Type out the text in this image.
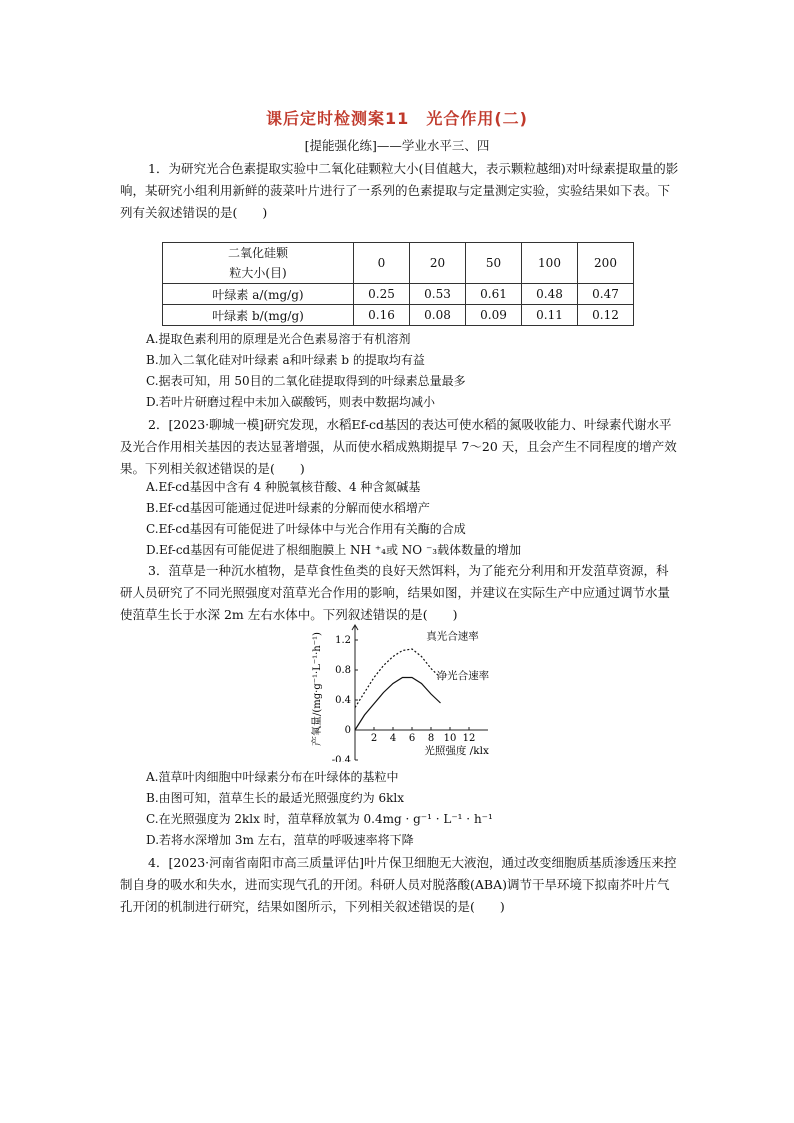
课后定时检测案11　光合作用(二)
[提能强化练]——学业水平三、四
1．为研究光合色素提取实验中二氧化硅颗粒大小(目值越大，表示颗粒越细)对叶绿素提取量的影响，某研究小组利用新鲜的菠菜叶片进行了一系列的色素提取与定量测定实验，实验结果如下表。下列有关叙述错误的是(　　)
二氧化硅颗
粒大小(目)	0	20	50	100	200
叶绿素 a/(mg/g)	0.25	0.53	0.61	0.48	0.47
叶绿素 b/(mg/g)	0.16	0.08	0.09	0.11	0.12
A.提取色素利用的原理是光合色素易溶于有机溶剂
B.加入二氧化硅对叶绿素 a和叶绿素 b 的提取均有益
C.据表可知，用 50目的二氧化硅提取得到的叶绿素总量最多
D.若叶片研磨过程中未加入碳酸钙，则表中数据均减小
2．[2023·聊城一模]研究发现，水稻Ef-cd基因的表达可使水稻的氮吸收能力、叶绿素代谢水平及光合作用相关基因的表达显著增强，从而使水稻成熟期提早 7～20 天，且会产生不同程度的增产效果。下列相关叙述错误的是(　　)
A.Ef-cd基因中含有 4 种脱氧核苷酸、4 种含氮碱基
B.Ef-cd基因可能通过促进叶绿素的分解而使水稻增产
C.Ef-cd基因有可能促进了叶绿体中与光合作用有关酶的合成
D.Ef-cd基因有可能促进了根细胞膜上 NH ⁺₄或 NO ⁻₃载体数量的增加
3．菹草是一种沉水植物，是草食性鱼类的良好天然饵料，为了能充分利用和开发菹草资源，科研人员研究了不同光照强度对菹草光合作用的影响，结果如图，并建议在实际生产中应通过调节水量使菹草生长于水深 2m 左右水体中。下列叙述错误的是(　　)
1.2
0.8
0.4
0
-0.4
2 4 6 8 10 12
真光合速率
净光合速率
光照强度 /klx
产氧量/(mg·g⁻¹·L⁻¹·h⁻¹)
A.菹草叶肉细胞中叶绿素分布在叶绿体的基粒中
B.由图可知，菹草生长的最适光照强度约为 6klx
C.在光照强度为 2klx 时，菹草释放氧为 0.4mg · g⁻¹ · L⁻¹ · h⁻¹
D.若将水深增加 3m 左右，菹草的呼吸速率将下降
4．[2023·河南省南阳市高三质量评估]叶片保卫细胞无大液泡，通过改变细胞质基质渗透压来控制自身的吸水和失水，进而实现气孔的开闭。科研人员对脱落酸(ABA)调节干旱环境下拟南芥叶片气孔开闭的机制进行研究，结果如图所示，下列相关叙述错误的是(　　)
